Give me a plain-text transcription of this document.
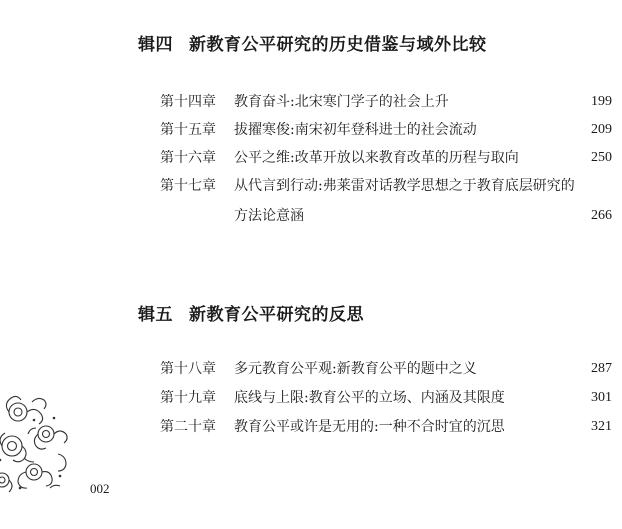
辑四 新教育公平研究的历史借鉴与域外比较
第十四章 教育奋斗:北宋寒门学子的社会上升	199
第十五章 拔擢寒俊:南宋初年登科进士的社会流动	209
第十六章 公平之维:改革开放以来教育改革的历程与取向	250
第十七章 从代言到行动:弗莱雷对话教学思想之于教育底层研究的方法论意涵	266
辑五 新教育公平研究的反思
第十八章 多元教育公平观:新教育公平的题中之义	287
第十九章 底线与上限:教育公平的立场、内涵及其限度	301
第二十章 教育公平或许是无用的:一种不合时宜的沉思	321
002
